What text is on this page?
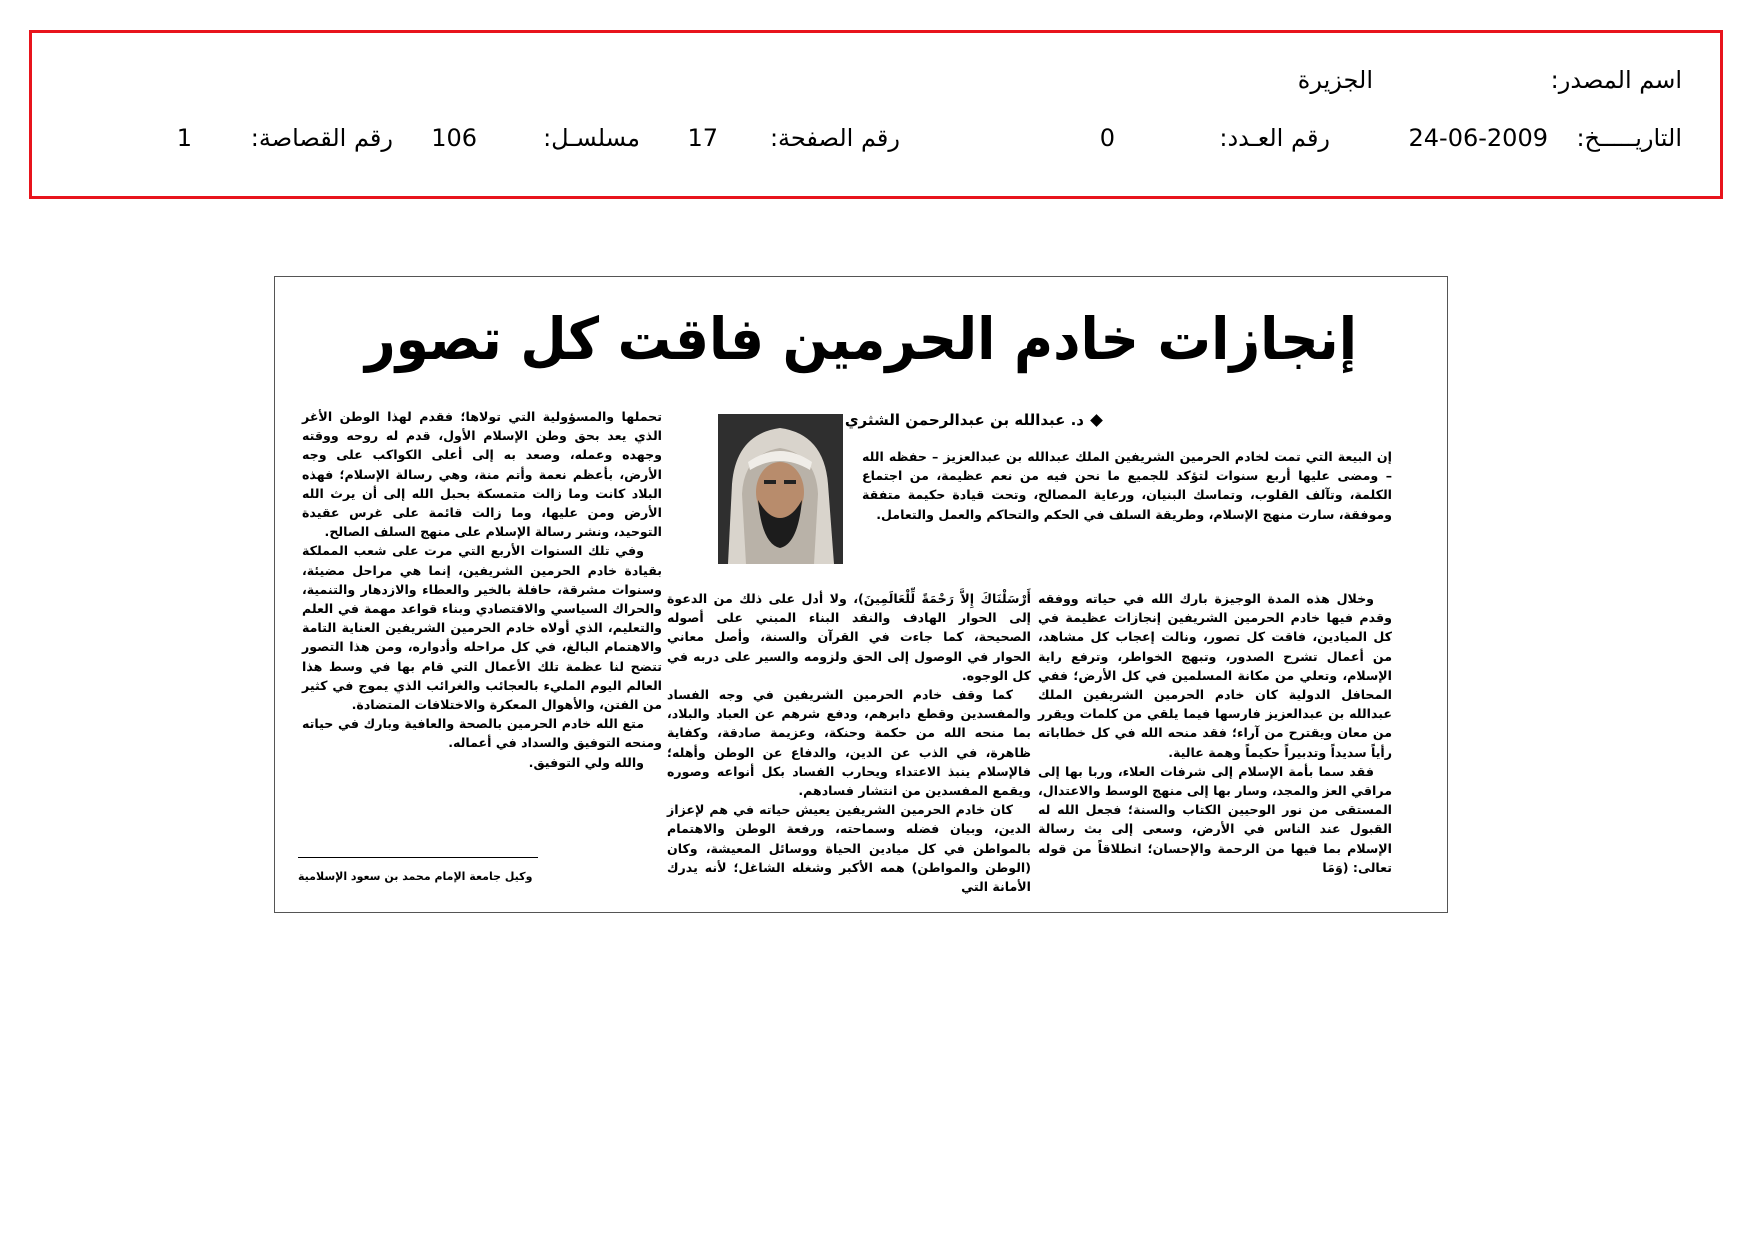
اسم المصدر:
الجزيرة
التاريـــــخ:
24-06-2009
رقم العـدد:
0
رقم الصفحة:
17
مسلسـل:
106
رقم القصاصة:
1
إنجازات خادم الحرمين فاقت كل تصور
د. عبدالله بن عبدالرحمن الشثري

إن البيعة التي تمت لخادم الحرمين الشريفين الملك عبدالله بن عبدالعزيز – حفظه الله – ومضى عليها أربع سنوات لتؤكد للجميع ما نحن فيه من نعم عظيمة، من اجتماع الكلمة، وتآلف القلوب، وتماسك البنيان، ورعاية المصالح، وتحت قيادة حكيمة متفقة وموفقة، سارت منهج الإسلام، وطريقة السلف في الحكم والتحاكم والعمل والتعامل.

وخلال هذه المدة الوجيزة بارك الله في حياته ووفقه وقدم فيها خادم الحرمين الشريفين إنجازات عظيمة في كل الميادين، فاقت كل تصور، ونالت إعجاب كل مشاهد، من أعمال تشرح الصدور، وتبهج الخواطر، وترفع راية الإسلام، وتعلي من مكانة المسلمين في كل الأرض؛ ففي المحافل الدولية كان خادم الحرمين الشريفين الملك عبدالله بن عبدالعزيز فارسها فيما يلقي من كلمات ويقرر من معان ويقترح من آراء؛ فقد منحه الله في كل خطاباته رأياً سديداً وتدبيراً حكيماً وهمة عالية.

فقد سما بأمة الإسلام إلى شرفات العلاء، وربا بها إلى مراقي العز والمجد، وسار بها إلى منهج الوسط والاعتدال، المستقى من نور الوحيين الكتاب والسنة؛ فجعل الله له القبول عند الناس في الأرض، وسعى إلى بث رسالة الإسلام بما فيها من الرحمة والإحسان؛ انطلاقاً من قوله تعالى: (وَمَا

أَرْسَلْنَاكَ إِلاَّ رَحْمَةً لِّلْعَالَمِينَ)، ولا أدل على ذلك من الدعوة إلى الحوار الهادف والنقد البناء المبني على أصوله الصحيحة، كما جاءت في القرآن والسنة، وأصل معاني الحوار في الوصول إلى الحق ولزومه والسير على دربه في كل الوجوه.

كما وقف خادم الحرمين الشريفين في وجه الفساد والمفسدين وقطع دابرهم، ودفع شرهم عن العباد والبلاد، بما منحه الله من حكمة وحنكة، وعزيمة صادقة، وكفاية ظاهرة، في الذب عن الدين، والدفاع عن الوطن وأهله؛ فالإسلام ينبذ الاعتداء ويحارب الفساد بكل أنواعه وصوره ويقمع المفسدين من انتشار فسادهم.

كان خادم الحرمين الشريفين يعيش حياته في هم لإعزاز الدين، وبيان فضله وسماحته، ورفعة الوطن والاهتمام بالمواطن في كل ميادين الحياة ووسائل المعيشة، وكان (الوطن والمواطن) همه الأكبر وشغله الشاغل؛ لأنه يدرك الأمانة التي

تحملها والمسؤولية التي تولاها؛ فقدم لهذا الوطن الأغر الذي يعد بحق وطن الإسلام الأول، قدم له روحه ووقته وجهده وعمله، وصعد به إلى أعلى الكواكب على وجه الأرض، بأعظم نعمة وأتم منة، وهي رسالة الإسلام؛ فهذه البلاد كانت وما زالت متمسكة بحبل الله إلى أن يرث الله الأرض ومن عليها، وما زالت قائمة على غرس عقيدة التوحيد، ونشر رسالة الإسلام على منهج السلف الصالح.

وفي تلك السنوات الأربع التي مرت على شعب المملكة بقيادة خادم الحرمين الشريفين، إنما هي مراحل مضيئة، وسنوات مشرقة، حافلة بالخير والعطاء والازدهار والتنمية، والحراك السياسي والاقتصادي وبناء قواعد مهمة في العلم والتعليم، الذي أولاه خادم الحرمين الشريفين العناية التامة والاهتمام البالغ، في كل مراحله وأدواره، ومن هذا التصور تتضح لنا عظمة تلك الأعمال التي قام بها في وسط هذا العالم اليوم المليء بالعجائب والغرائب الذي يموج في كثير من الفتن، والأهوال المعكرة والاختلافات المتضادة.

متع الله خادم الحرمين بالصحة والعافية وبارك في حياته ومنحه التوفيق والسداد في أعماله.

والله ولي التوفيق.

وكيل جامعة الإمام محمد بن سعود الإسلامية
